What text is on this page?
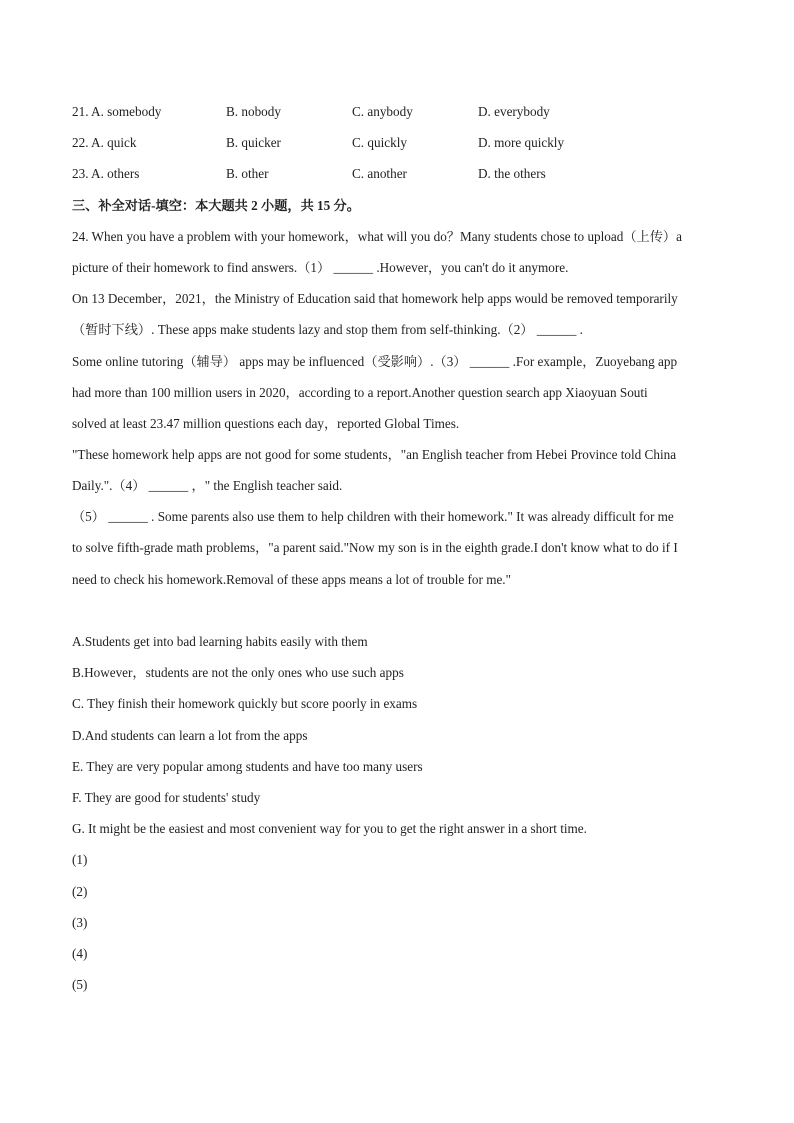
21. A. somebody	B. nobody	C. anybody	D. everybody
22. A. quick	B. quicker	C. quickly	D. more quickly
23. A. others	B. other	C. another	D. the others
三、补全对话-填空：本大题共 2 小题，共 15 分。
24. When you have a problem with your homework，what will you do？Many students chose to upload（上传）a
picture of their homework to find answers.（1） ______ .However，you can't do it anymore.
On 13 December，2021，the Ministry of Education said that homework help apps would be removed temporarily
（暂时下线）. These apps make students lazy and stop them from self-thinking.（2） ______ .
Some online tutoring（辅导） apps may be influenced（受影响）.（3） ______ .For example，Zuoyebang app
had more than 100 million users in 2020，according to a report.Another question search app Xiaoyuan Souti
solved at least 23.47 million questions each day，reported Global Times.
"These homework help apps are not good for some students，"an English teacher from Hebei Province told China
Daily.".（4） ______ ，" the English teacher said.
（5） ______ . Some parents also use them to help children with their homework." It was already difficult for me
to solve fifth-grade math problems，"a parent said."Now my son is in the eighth grade.I don't know what to do if I
need to check his homework.Removal of these apps means a lot of trouble for me."
A.Students get into bad learning habits easily with them
B.However，students are not the only ones who use such apps
C. They finish their homework quickly but score poorly in exams
D.And students can learn a lot from the apps
E. They are very popular among students and have too many users
F. They are good for students' study
G. It might be the easiest and most convenient way for you to get the right answer in a short time.
(1)
(2)
(3)
(4)
(5)
